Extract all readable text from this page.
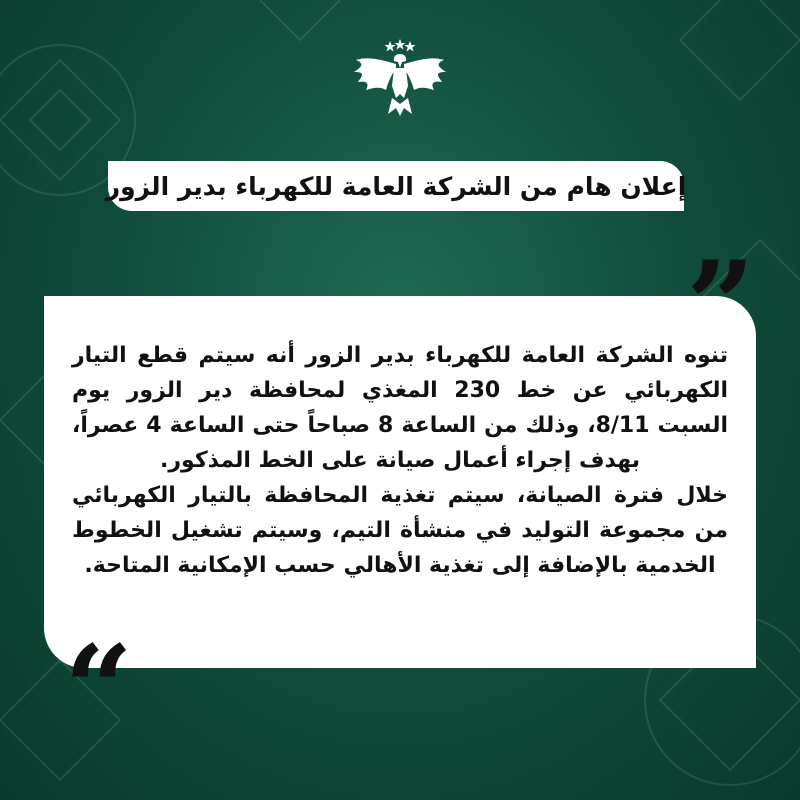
إعلان هام من الشركة العامة للكهرباء بدير الزور

تنوه الشركة العامة للكهرباء بدير الزور أنه سيتم قطع التيار الكهربائي عن خط 230 المغذي لمحافظة دير الزور يوم السبت 8/11، وذلك من الساعة 8 صباحاً حتى الساعة 4 عصراً، بهدف إجراء أعمال صيانة على الخط المذكور.

خلال فترة الصيانة، سيتم تغذية المحافظة بالتيار الكهربائي من مجموعة التوليد في منشأة التيم، وسيتم تشغيل الخطوط الخدمية بالإضافة إلى تغذية الأهالي حسب الإمكانية المتاحة.

”
“
